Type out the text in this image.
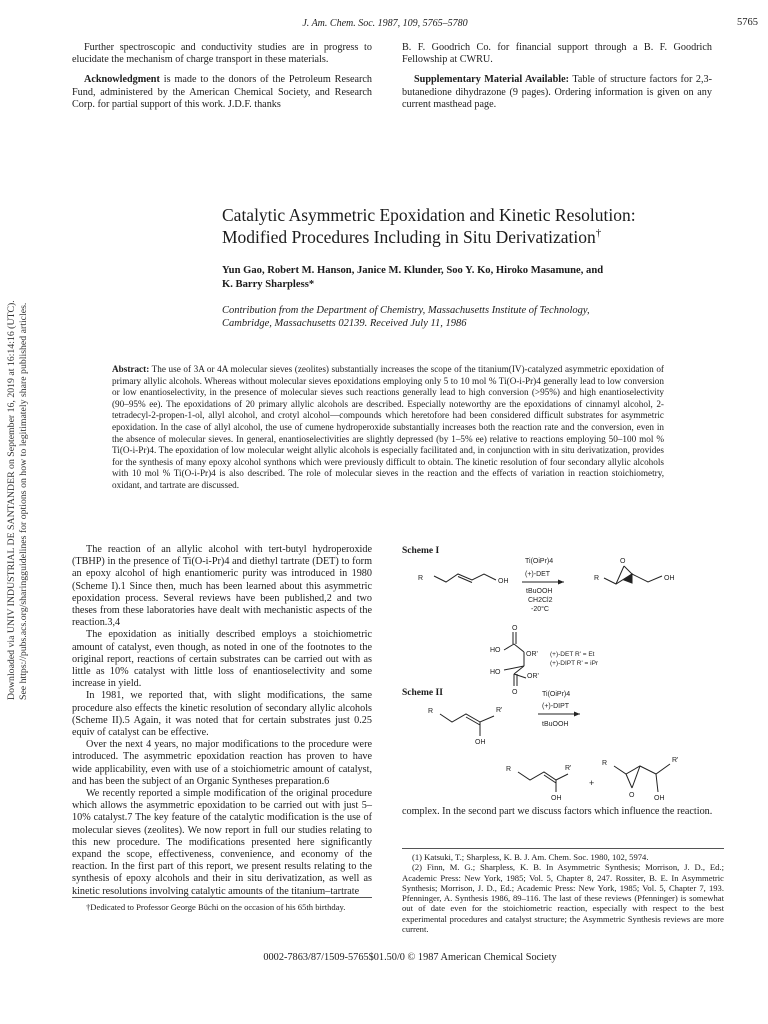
J. Am. Chem. Soc. 1987, 109, 5765–5780	5765
Downloaded via UNIV INDUSTRIAL DE SANTANDER on September 16, 2019 at 16:14:16 (UTC). See https://pubs.acs.org/sharingguidelines for options on how to legitimately share published articles.

Further spectroscopic and conductivity studies are in progress to elucidate the mechanism of charge transport in these materials.

Acknowledgment is made to the donors of the Petroleum Research Fund, administered by the American Chemical Society, and Research Corp. for partial support of this work. J.D.F. thanks

B. F. Goodrich Co. for financial support through a B. F. Goodrich Fellowship at CWRU.

Supplementary Material Available: Table of structure factors for 2,3-butanedione dihydrazone (9 pages). Ordering information is given on any current masthead page.

Catalytic Asymmetric Epoxidation and Kinetic Resolution:
Modified Procedures Including in Situ Derivatization†
Yun Gao, Robert M. Hanson, Janice M. Klunder, Soo Y. Ko, Hiroko Masamune, and
K. Barry Sharpless*
Contribution from the Department of Chemistry, Massachusetts Institute of Technology,
Cambridge, Massachusetts 02139. Received July 11, 1986
Abstract: The use of 3A or 4A molecular sieves (zeolites) substantially increases the scope of the titanium(IV)-catalyzed asymmetric epoxidation of primary allylic alcohols. Whereas without molecular sieves epoxidations employing only 5 to 10 mol % Ti(O-i-Pr)4 generally lead to low conversion or low enantioselectivity, in the presence of molecular sieves such reactions generally lead to high conversion (>95%) and high enantioselectivity (90–95% ee). The epoxidations of 20 primary allylic alcohols are described. Especially noteworthy are the epoxidations of cinnamyl alcohol, 2-tetradecyl-2-propen-1-ol, allyl alcohol, and crotyl alcohol—compounds which heretofore had been considered difficult substrates for asymmetric epoxidation. In the case of allyl alcohol, the use of cumene hydroperoxide substantially increases both the reaction rate and the conversion, even in the absence of molecular sieves. In general, enantioselectivities are slightly depressed (by 1–5% ee) relative to reactions employing 50–100 mol % Ti(O-i-Pr)4. The epoxidation of low molecular weight allylic alcohols is especially facilitated and, in conjunction with in situ derivatization, provides for the synthesis of many epoxy alcohol synthons which were previously difficult to obtain. The kinetic resolution of four secondary allylic alcohols with 10 mol % Ti(O-i-Pr)4 is also described. The role of molecular sieves in the reaction and the effects of variation in reaction stoichiometry, oxidant, and tartrate are discussed.

The reaction of an allylic alcohol with tert-butyl hydroperoxide (TBHP) in the presence of Ti(O-i-Pr)4 and diethyl tartrate (DET) to form an epoxy alcohol of high enantiomeric purity was introduced in 1980 (Scheme I).1 Since then, much has been learned about this asymmetric epoxidation process. Several reviews have been published,2 and two theses from these laboratories have dealt with mechanistic aspects of the reaction.3,4

The epoxidation as initially described employs a stoichiometric amount of catalyst, even though, as noted in one of the footnotes to the original report, reactions of certain substrates can be carried out with as little as 10% catalyst with little loss of enantioselectivity and some increase in yield.

In 1981, we reported that, with slight modifications, the same procedure also effects the kinetic resolution of secondary allylic alcohols (Scheme II).5 Again, it was noted that for certain substrates just 0.25 equiv of catalyst can be effective.

Over the next 4 years, no major modifications to the procedure were introduced. The asymmetric epoxidation reaction has proven to have wide applicability, even with use of a stoichiometric amount of catalyst, and has been the subject of an Organic Syntheses preparation.6

We recently reported a simple modification of the original procedure which allows the asymmetric epoxidation to be carried out with just 5–10% catalyst.7 The key feature of the catalytic modification is the use of molecular sieves (zeolites). We now report in full our studies relating to this new procedure. The modifications presented here significantly expand the scope, effectiveness, convenience, and economy of the reaction. In the first part of this report, we present results relating to the synthesis of epoxy alcohols and their in situ derivatization, as well as kinetic resolutions involving catalytic amounts of the titanium–tartrate

†Dedicated to Professor George Büchi on the occasion of his 65th birthday.
Scheme I
Scheme II
R	OH
Ti(OiPr)4
(+)-DET
tBuOOH
CH2Cl2
-20°C
R
O
OH
HO
HO
O
O
OR'
OR'
(+)-DET R' = Et
(+)-DIPT R' = iPr
R	R'
OH
Ti(OiPr)4
(+)-DIPT
tBuOOH
R	R'
OH
+
R	R'
O	OH
complex. In the second part we discuss factors which influence the reaction.

(1) Katsuki, T.; Sharpless, K. B. J. Am. Chem. Soc. 1980, 102, 5974.

(2) Finn, M. G.; Sharpless, K. B. In Asymmetric Synthesis; Morrison, J. D., Ed.; Academic Press: New York, 1985; Vol. 5, Chapter 8, 247. Rossiter, B. E. In Asymmetric Synthesis; Morrison, J. D., Ed.; Academic Press: New York, 1985; Vol. 5, Chapter 7, 193. Pfenninger, A. Synthesis 1986, 89–116. The last of these reviews (Pfenninger) is somewhat out of date even for the stoichiometric reaction, especially with respect to the best experimental procedures and catalyst structure; the Asymmetric Synthesis reviews are more current.

0002-7863/87/1509-5765$01.50/0 © 1987 American Chemical Society
